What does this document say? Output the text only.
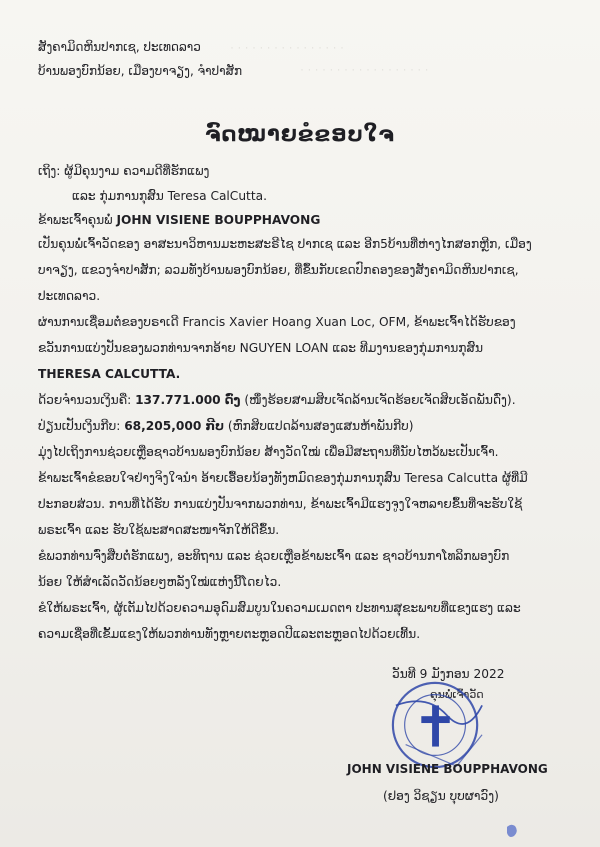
· · · · · · · · · · · · · · · ·
· · · · · · · · · · · · · · · · · ·
ສັງຄາມິດຫິນປາກເຊ, ປະເທດລາວ
ບ້ານພອງບົກນ້ອຍ, ເມືອງບາຈຽງ, ຈຳປາສັກ
ຈົດໝາຍຂໍຂອບໃຈ
ເຖິງ: ຜູ້ມີຄຸນງາມ ຄວາມດີທີ່ຮັກແພງ
ແລະ ກຸ່ມການກຸສົນ Teresa CalCutta.
ຂ້າພະເຈົ້າຄຸນພໍ່ JOHN VISIENE BOUPPHAVONG
ເປັນຄຸນພໍ່ເຈົ້າວັດຂອງ ອາສະນາວິຫານມະຫະສະຣີໄຊ ປາກເຊ ແລະ ອີກ5ບ້ານທີ່ຫ່າງໄກສອກຫຼີກ, ເມືອງ
ບາຈຽງ, ແຂວງຈຳປາສັກ; ລວມທັງບ້ານພອງບົກນ້ອຍ, ທີ່ຂຶ້ນກັບເຂດປົກຄອງຂອງສັງຄາມິດຫິນປາກເຊ,
ປະເທດລາວ.
ຜ່ານການເຊື່ອມຕໍ່ຂອງບຣາເດີ Francis Xavier Hoang Xuan Loc, OFM, ຂ້າພະເຈົ້າໄດ້ຮັບຂອງ
ຂວັນການແບ່ງປັນຂອງພວກທ່ານຈາກອ້າຍ NGUYEN LOAN ແລະ ທີມງານຂອງກຸ່ມການກຸສົນ
THERESA CALCUTTA.
ດ້ວຍຈຳນວນເງິນຄື: 137.771.000 ດົ່ງ (ໜຶ່ງຮ້ອຍສາມສິບເຈັດລ້ານເຈັດຮ້ອຍເຈັດສິບເອັດພັນດົ່ງ).
ປ່ຽນເປັນເງິນກີບ: 68,205,000 ກີບ (ຫົກສິບແປດລ້ານສອງແສນຫ້າພັນກີບ)
ມຸ່ງໄປເຖິງການຊ່ວຍເຫຼືອຊາວບ້ານພອງບົກນ້ອຍ ສ້າງວັດໃໝ່ ເພື່ອມີສະຖານທີ່ນັບໄຫວ້ພະເປັນເຈົ້າ.
ຂ້າພະເຈົ້າຂໍຂອບໃຈຢ່າງຈິງໃຈນຳ ອ້າຍເອື້ອຍນ້ອງທັງຫມົດຂອງກຸ່ມການກຸສົນ Teresa Calcutta ຜູ້ທີ່ມີ
ປະກອບສ່ວນ. ການທີ່ໄດ້ຮັບ ການແບ່ງປັນຈາກພວກທ່ານ, ຂ້າພະເຈົ້າມີແຮງຈູງໃຈຫລາຍຂຶ້ນທີ່ຈະຮັບໃຊ້
ພຣະເຈົ້າ ແລະ ຮັບໃຊ້ພະສາດສະໜາຈັກໃຫ້ດີຂຶ້ນ.
ຂໍພວກທ່ານຈົ່ງສືບຕໍ່ຮັກແພງ, ອະທິຖານ ແລະ ຊ່ວຍເຫຼືອຂ້າພະເຈົ້າ ແລະ ຊາວບ້ານກາໂທລິກພອງບົກ
ນ້ອຍ ໃຫ້ສຳເລັດວັດນ້ອຍໆຫລັງໃໝ່ແຫ່ງນີ້ໂດຍໄວ.
ຂໍໃຫ້ພຣະເຈົ້າ, ຜູ້ເຕັມໄປດ້ວຍຄວາມອຸດົມສົມບູນໃນຄວາມເມດຕາ ປະທານສຸຂະພາບທີ່ແຂງແຮງ ແລະ
ຄວາມເຊື່ອທີ່ເຂັ້ມແຂງໃຫ້ພວກທ່ານທັງຫຼາຍຕະຫຼອດປີແລະຕະຫຼອດໄປດ້ວຍເທີ້ນ.
ວັນທີ 9 ມັງກອນ 2022
ຄຸນພໍ່ເຈົ້າວັດ
JOHN VISIENE BOUPPHAVONG
(ຢອງ ວິຊຽນ ບຸບຜາວົງ)
